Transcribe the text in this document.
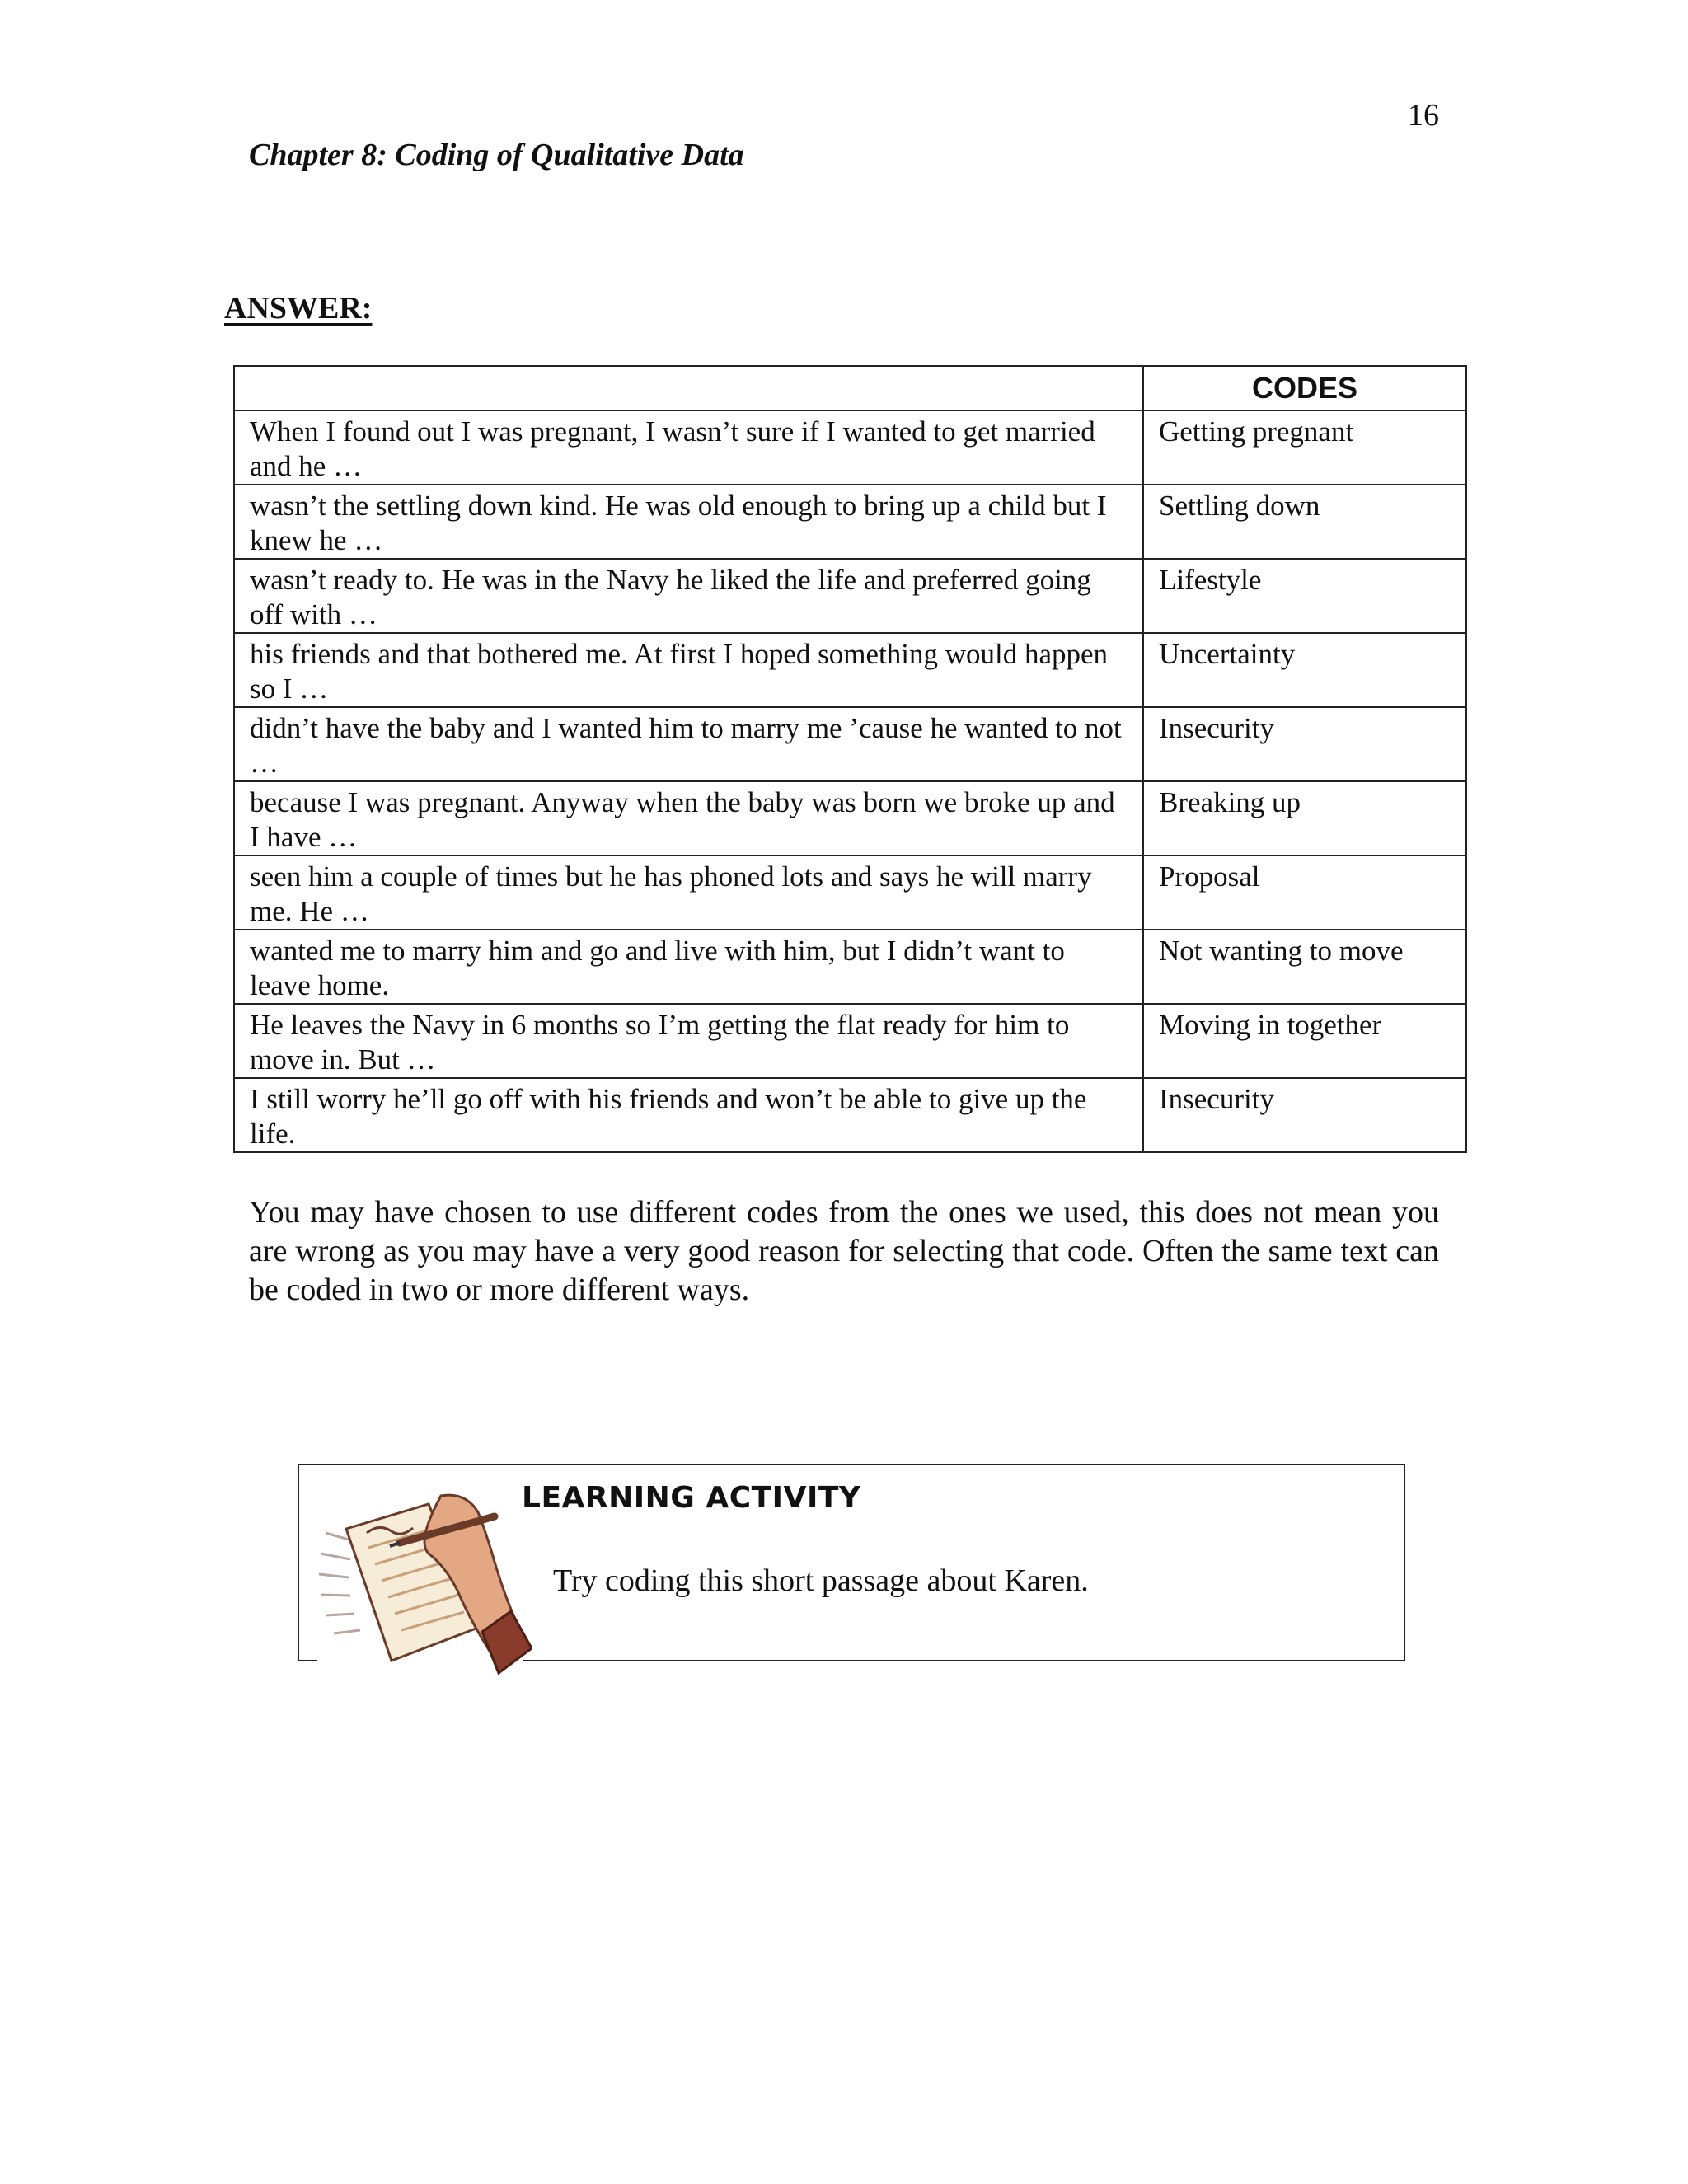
16
Chapter 8: Coding of Qualitative Data
ANSWER:
	CODES
When I found out I was pregnant, I wasn’t sure if I wanted to get married and he …	Getting pregnant
wasn’t the settling down kind. He was old enough to bring up a child but I knew he …	Settling down
wasn’t ready to. He was in the Navy he liked the life and preferred going off with …	Lifestyle
his friends and that bothered me. At first I hoped something would happen so I …	Uncertainty
didn’t have the baby and I wanted him to marry me ’cause he wanted to not …	Insecurity
because I was pregnant. Anyway when the baby was born we broke up and I have …	Breaking up
seen him a couple of times but he has phoned lots and says he will marry me. He …	Proposal
wanted me to marry him and go and live with him, but I didn’t want to leave home.	Not wanting to move
He leaves the Navy in 6 months so I’m getting the flat ready for him to move in. But …	Moving in together
I still worry he’ll go off with his friends and won’t be able to give up the life.	Insecurity

You may have chosen to use different codes from the ones we used, this does not mean you are wrong as you may have a very good reason for selecting that code. Often the same text can be coded in two or more different ways.

LEARNING ACTIVITY
Try coding this short passage about Karen.
